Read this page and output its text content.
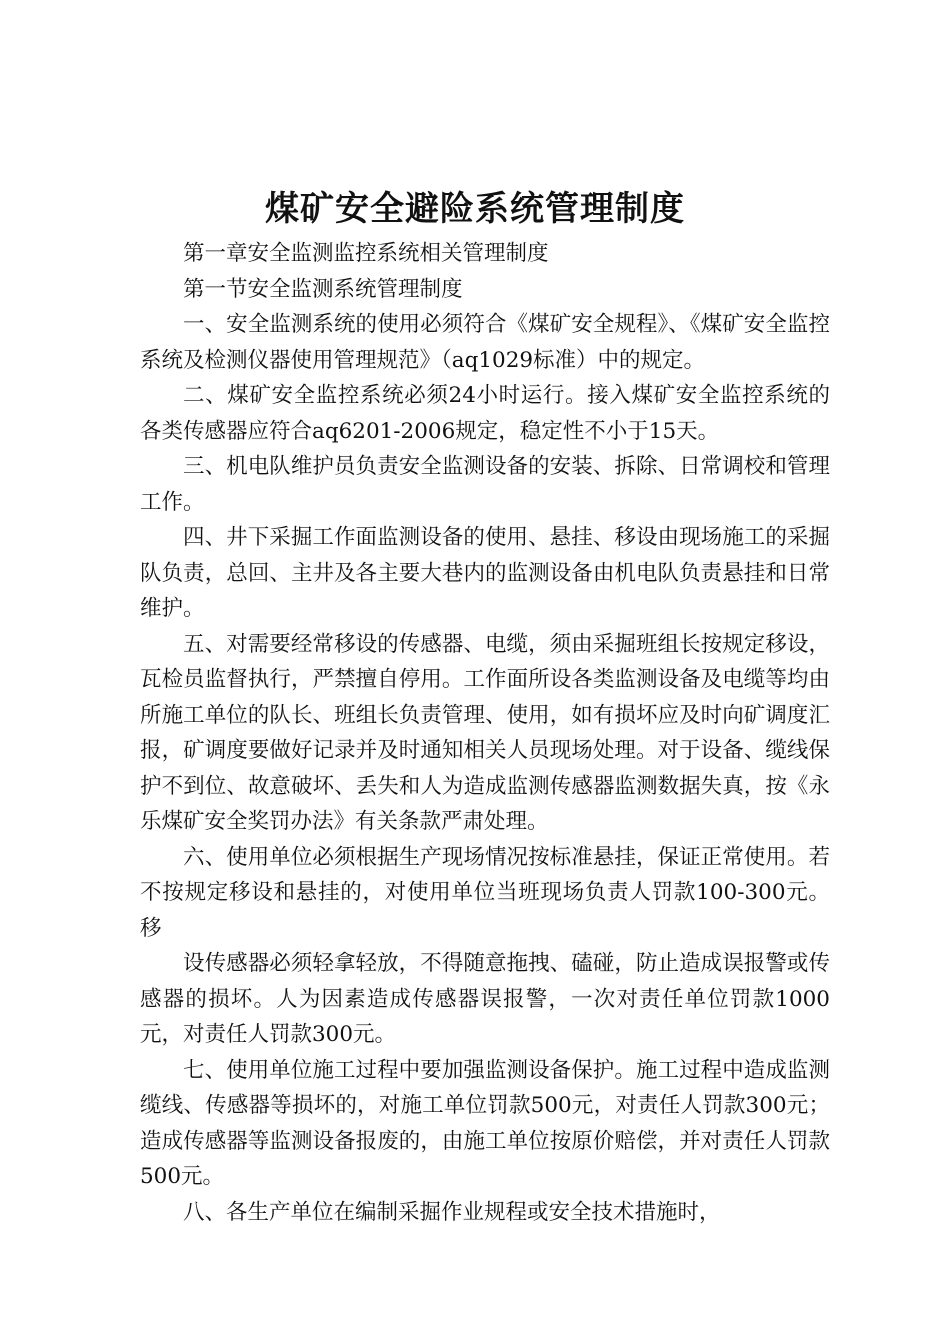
煤矿安全避险系统管理制度

第一章安全监测监控系统相关管理制度

第一节安全监测系统管理制度

一、安全监测系统的使用必须符合《煤矿安全规程》、《煤矿安全监控系统及检测仪器使用管理规范》（aq1029标准）中的规定。

二、煤矿安全监控系统必须24小时运行。接入煤矿安全监控系统的各类传感器应符合aq6201-2006规定，稳定性不小于15天。

三、机电队维护员负责安全监测设备的安装、拆除、日常调校和管理工作。

四、井下采掘工作面监测设备的使用、悬挂、移设由现场施工的采掘队负责，总回、主井及各主要大巷内的监测设备由机电队负责悬挂和日常维护。

五、对需要经常移设的传感器、电缆，须由采掘班组长按规定移设，瓦检员监督执行，严禁擅自停用。工作面所设各类监测设备及电缆等均由所施工单位的队长、班组长负责管理、使用，如有损坏应及时向矿调度汇报，矿调度要做好记录并及时通知相关人员现场处理。对于设备、缆线保护不到位、故意破坏、丢失和人为造成监测传感器监测数据失真，按《永乐煤矿安全奖罚办法》有关条款严肃处理。

六、使用单位必须根据生产现场情况按标准悬挂，保证正常使用。若不按规定移设和悬挂的，对使用单位当班现场负责人罚款100-300元。移

设传感器必须轻拿轻放，不得随意拖拽、磕碰，防止造成误报警或传感器的损坏。人为因素造成传感器误报警，一次对责任单位罚款1000元，对责任人罚款300元。

七、使用单位施工过程中要加强监测设备保护。施工过程中造成监测缆线、传感器等损坏的，对施工单位罚款500元，对责任人罚款300元；造成传感器等监测设备报废的，由施工单位按原价赔偿，并对责任人罚款500元。

八、各生产单位在编制采掘作业规程或安全技术措施时，
